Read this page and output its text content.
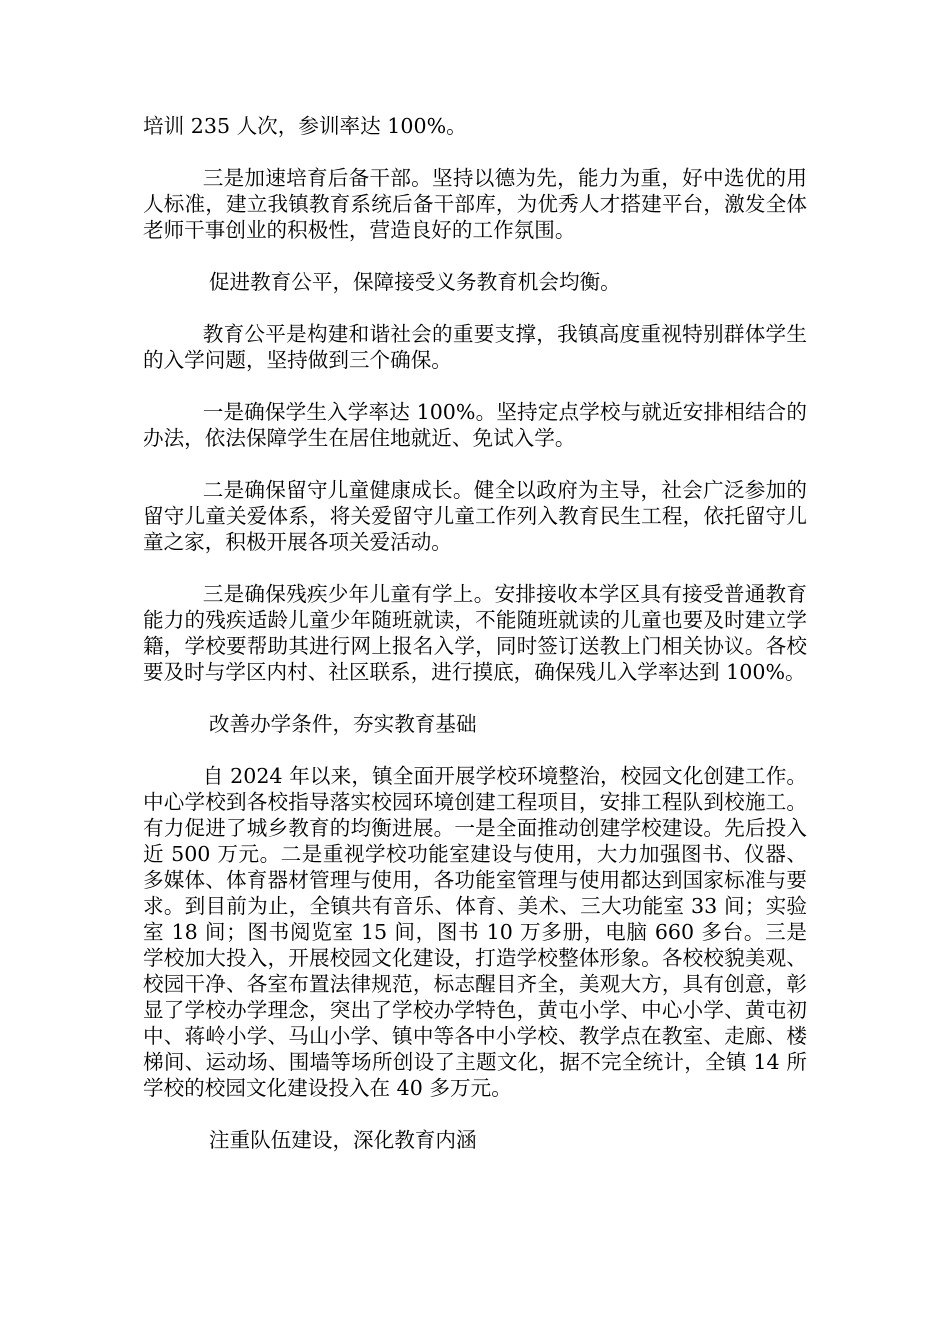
培训 235 人次，参训率达 100%。

三是加速培育后备干部。坚持以德为先，能力为重，好中选优的用人标准，建立我镇教育系统后备干部库，为优秀人才搭建平台，激发全体老师干事创业的积极性，营造良好的工作氛围。

促进教育公平，保障接受义务教育机会均衡。

教育公平是构建和谐社会的重要支撑，我镇高度重视特别群体学生的入学问题，坚持做到三个确保。

一是确保学生入学率达 100%。坚持定点学校与就近安排相结合的办法，依法保障学生在居住地就近、免试入学。

二是确保留守儿童健康成长。健全以政府为主导，社会广泛参加的留守儿童关爱体系，将关爱留守儿童工作列入教育民生工程，依托留守儿童之家，积极开展各项关爱活动。

三是确保残疾少年儿童有学上。安排接收本学区具有接受普通教育能力的残疾适龄儿童少年随班就读，不能随班就读的儿童也要及时建立学籍，学校要帮助其进行网上报名入学，同时签订送教上门相关协议。各校要及时与学区内村、社区联系，进行摸底，确保残儿入学率达到 100%。

改善办学条件，夯实教育基础

自 2024 年以来，镇全面开展学校环境整治，校园文化创建工作。中心学校到各校指导落实校园环境创建工程项目，安排工程队到校施工。有力促进了城乡教育的均衡进展。一是全面推动创建学校建设。先后投入近 500 万元。二是重视学校功能室建设与使用，大力加强图书、仪器、多媒体、体育器材管理与使用，各功能室管理与使用都达到国家标准与要求。到目前为止，全镇共有音乐、体育、美术、三大功能室 33 间；实验室 18 间；图书阅览室 15 间，图书 10 万多册，电脑 660 多台。三是学校加大投入，开展校园文化建设，打造学校整体形象。各校校貌美观、校园干净、各室布置法律规范，标志醒目齐全，美观大方，具有创意，彰显了学校办学理念，突出了学校办学特色，黄屯小学、中心小学、黄屯初中、蒋岭小学、马山小学、镇中等各中小学校、教学点在教室、走廊、楼梯间、运动场、围墙等场所创设了主题文化，据不完全统计，全镇 14 所学校的校园文化建设投入在 40 多万元。

注重队伍建设，深化教育内涵
